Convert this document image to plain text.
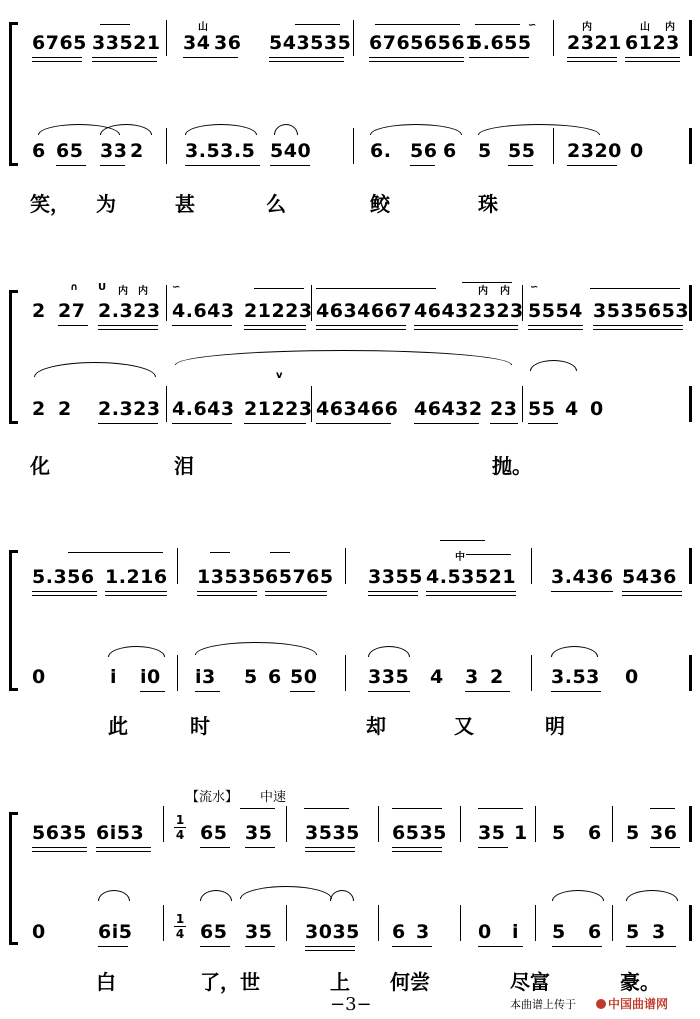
6765 33521 34 36 543535 67656561
5.655 2321 6123
山	∽	内	山 内
6 65 33 2 3.53.5 540	6. 56 6 5 55 2320 0
笑， 为	甚	么	鲛	珠
∩ U 内 内 ∽	内 内 ∽
2 27 2.323 4.643 21223 4634667 46432323 5554 3535653
v
2 2 2.323 4.643 21223 463466 46432 23 55 4 0
化	泪	抛。
中
5.356 1.216 13535 65765 3355 4.53521 3.436 5436
0	i i0 i3 5 6 50	335 4 3 2 3.53 0
此	时	却	又	明
【流水】 中速
1
4
1
4
5635 6i53	65 35 3535 6535 35 1 5 6 5 36
0	6i5	65 35 3035 6 3	0 i 5 6 5 3
白	了，世	上 何尝	尽富	豪。
−3−	本曲谱上传于	中国曲谱网
